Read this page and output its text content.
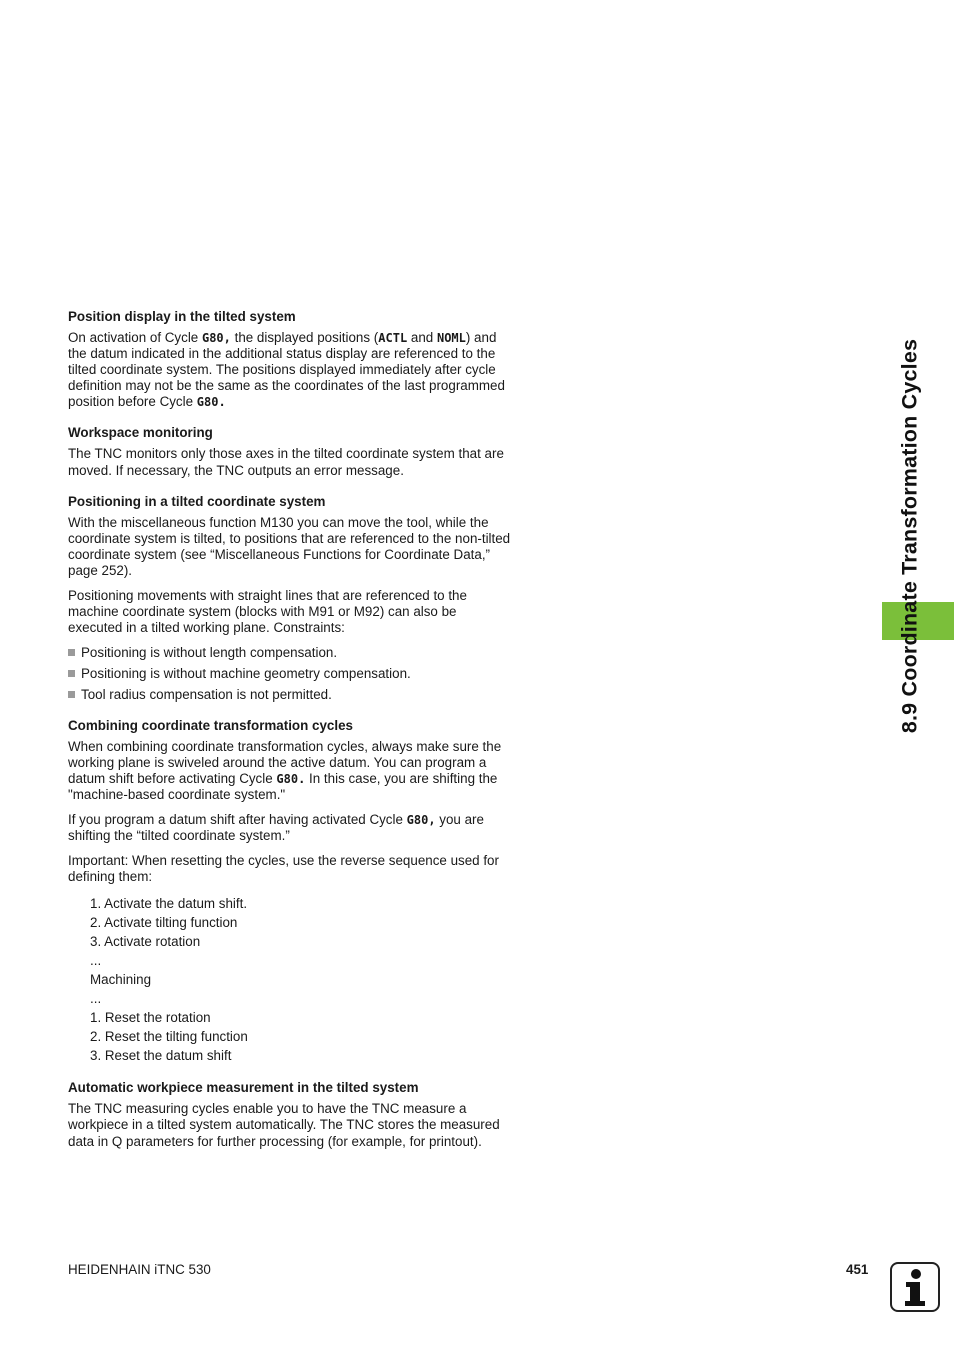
8.9 Coordinate Transformation Cycles
Position display in the tilted system

On activation of Cycle G80, the displayed positions (ACTL and NOML) and the datum indicated in the additional status display are referenced to the tilted coordinate system. The positions displayed immediately after cycle definition may not be the same as the coordinates of the last programmed position before Cycle G80.

Workspace monitoring

The TNC monitors only those axes in the tilted coordinate system that are moved. If necessary, the TNC outputs an error message.

Positioning in a tilted coordinate system

With the miscellaneous function M130 you can move the tool, while the coordinate system is tilted, to positions that are referenced to the non-tilted coordinate system (see “Miscellaneous Functions for Coordinate Data,” page 252).

Positioning movements with straight lines that are referenced to the machine coordinate system (blocks with M91 or M92) can also be executed in a tilted working plane. Constraints:

Positioning is without length compensation.
Positioning is without machine geometry compensation.
Tool radius compensation is not permitted.
Combining coordinate transformation cycles

When combining coordinate transformation cycles, always make sure the working plane is swiveled around the active datum. You can program a datum shift before activating Cycle G80. In this case, you are shifting the "machine-based coordinate system."

If you program a datum shift after having activated Cycle G80, you are shifting the “tilted coordinate system.”

Important: When resetting the cycles, use the reverse sequence used for defining them:

1. Activate the datum shift.
2. Activate tilting function
3. Activate rotation
...
Machining
...
1. Reset the rotation
2. Reset the tilting function
3. Reset the datum shift
Automatic workpiece measurement in the tilted system

The TNC measuring cycles enable you to have the TNC measure a workpiece in a tilted system automatically. The TNC stores the measured data in Q parameters for further processing (for example, for printout).

HEIDENHAIN iTNC 530	451
